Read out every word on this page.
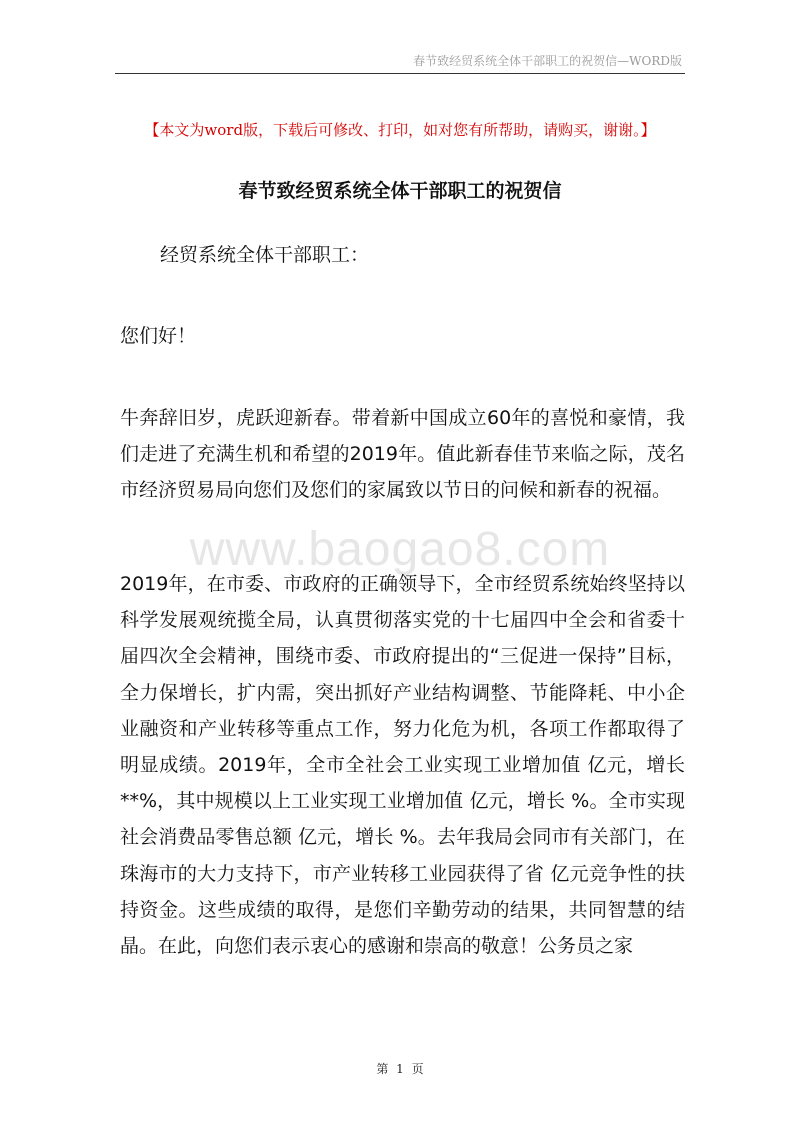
春节致经贸系统全体干部职工的祝贺信—WORD版
【本文为word版，下载后可修改、打印，如对您有所帮助，请购买，谢谢。】
春节致经贸系统全体干部职工的祝贺信
经贸系统全体干部职工：
您们好！
牛奔辞旧岁，虎跃迎新春。带着新中国成立60年的喜悦和豪情，我们走进了充满生机和希望的2019年。值此新春佳节来临之际，茂名市经济贸易局向您们及您们的家属致以节日的问候和新春的祝福。
www.baogao8.com
2019年，在市委、市政府的正确领导下，全市经贸系统始终坚持以科学发展观统揽全局，认真贯彻落实党的十七届四中全会和省委十届四次全会精神，围绕市委、市政府提出的“三促进一保持”目标，全力保增长，扩内需，突出抓好产业结构调整、节能降耗、中小企业融资和产业转移等重点工作，努力化危为机，各项工作都取得了明显成绩。2019年，全市全社会工业实现工业增加值 亿元，增长**%，其中规模以上工业实现工业增加值 亿元，增长 %。全市实现社会消费品零售总额 亿元，增长 %。去年我局会同市有关部门，在珠海市的大力支持下，市产业转移工业园获得了省 亿元竞争性的扶持资金。这些成绩的取得，是您们辛勤劳动的结果，共同智慧的结晶。在此，向您们表示衷心的感谢和崇高的敬意！公务员之家
第 1 页
